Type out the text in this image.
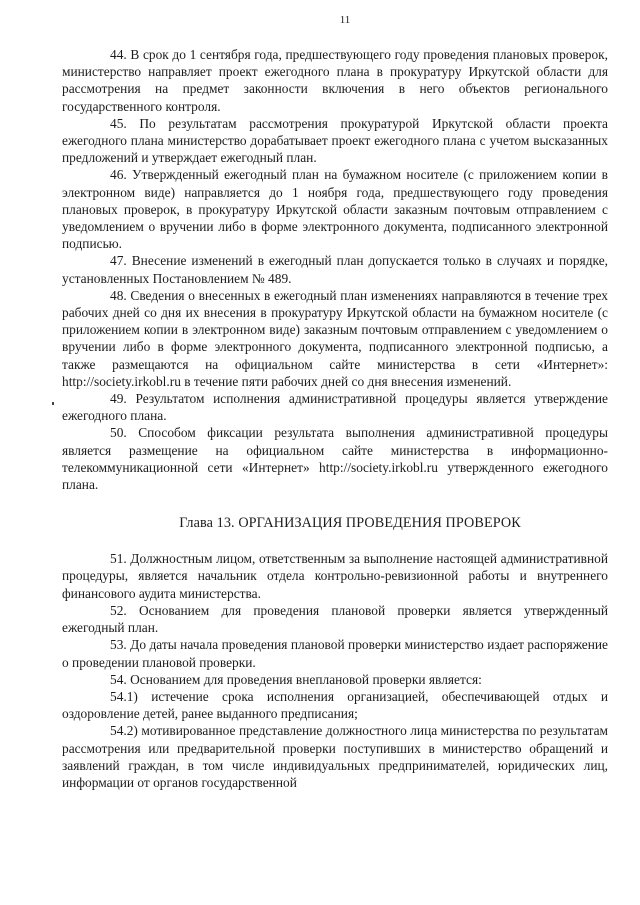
11

44. В срок до 1 сентября года, предшествующего году проведения плановых проверок, министерство направляет проект ежегодного плана в прокуратуру Иркутской области для рассмотрения на предмет законности включения в него объектов регионального государственного контроля.

45. По результатам рассмотрения прокуратурой Иркутской области проекта ежегодного плана министерство дорабатывает проект ежегодного плана с учетом высказанных предложений и утверждает ежегодный план.

46. Утвержденный ежегодный план на бумажном носителе (с приложением копии в электронном виде) направляется до 1 ноября года, предшествующего году проведения плановых проверок, в прокуратуру Иркутской области заказным почтовым отправлением с уведомлением о вручении либо в форме электронного документа, подписанного электронной подписью.

47. Внесение изменений в ежегодный план допускается только в случаях и порядке, установленных Постановлением № 489.

48. Сведения о внесенных в ежегодный план изменениях направляются в течение трех рабочих дней со дня их внесения в прокуратуру Иркутской области на бумажном носителе (с приложением копии в электронном виде) заказным почтовым отправлением с уведомлением о вручении либо в форме электронного документа, подписанного электронной подписью, а также размещаются на официальном сайте министерства в сети «Интернет»: http://society.irkobl.ru в течение пяти рабочих дней со дня внесения изменений.

49. Результатом исполнения административной процедуры является утверждение ежегодного плана.

50. Способом фиксации результата выполнения административной процедуры является размещение на официальном сайте министерства в информационно-телекоммуникационной сети «Интернет» http://society.irkobl.ru утвержденного ежегодного плана.

Глава 13. ОРГАНИЗАЦИЯ ПРОВЕДЕНИЯ ПРОВЕРОК

51. Должностным лицом, ответственным за выполнение настоящей административной процедуры, является начальник отдела контрольно-ревизионной работы и внутреннего финансового аудита министерства.

52. Основанием для проведения плановой проверки является утвержденный ежегодный план.

53. До даты начала проведения плановой проверки министерство издает распоряжение о проведении плановой проверки.

54. Основанием для проведения внеплановой проверки является:

54.1) истечение срока исполнения организацией, обеспечивающей отдых и оздоровление детей, ранее выданного предписания;

54.2) мотивированное представление должностного лица министерства по результатам рассмотрения или предварительной проверки поступивших в министерство обращений и заявлений граждан, в том числе индивидуальных предпринимателей, юридических лиц, информации от органов государственной
